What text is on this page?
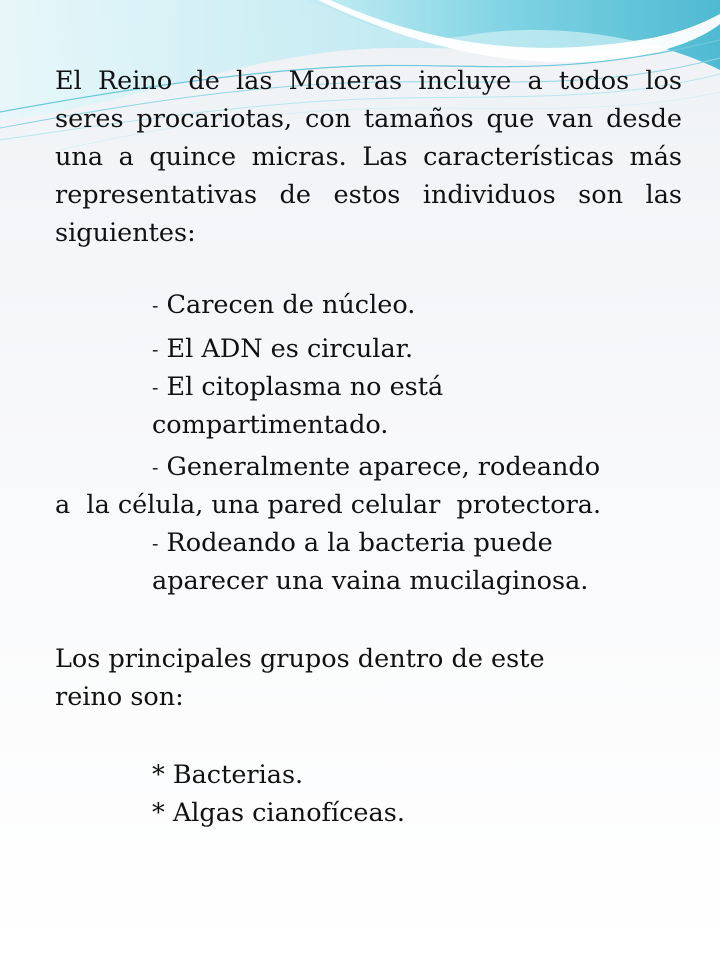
El Reino de las Moneras incluye a todos los seres procariotas, con tamaños que van desde una a quince micras. Las características más representativas de estos individuos son las siguientes:

- Carecen de núcleo.

- El ADN es circular.

- El citoplasma no está

compartimentado.

- Generalmente aparece, rodeando

a  la célula, una pared celular  protectora.

- Rodeando a la bacteria puede

aparecer una vaina mucilaginosa.

Los principales grupos dentro de este

reino son:

* Bacterias.

* Algas cianofíceas.
